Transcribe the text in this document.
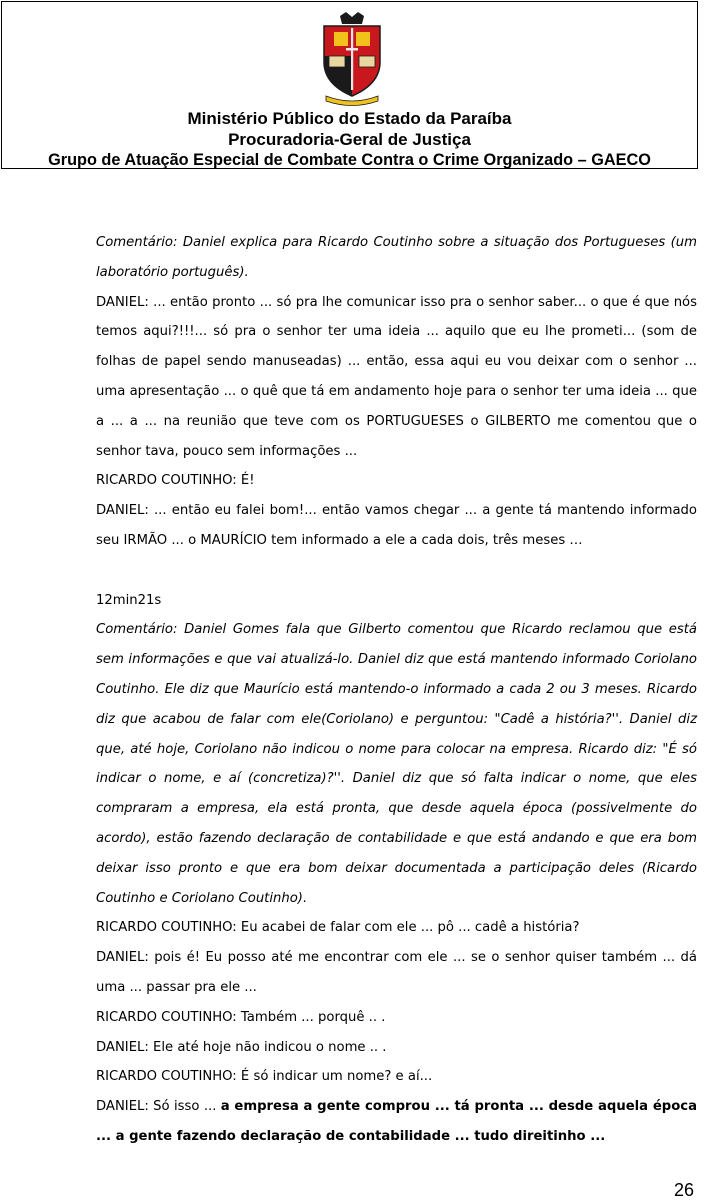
Ministério Público do Estado da Paraíba
Procuradoria-Geral de Justiça
Grupo de Atuação Especial de Combate Contra o Crime Organizado – GAECO

Comentário: Daniel explica para Ricardo Coutinho sobre a situação dos Portugueses (um laboratório português).

DANIEL: ... então pronto ... só pra lhe comunicar isso pra o senhor saber... o que é que nós temos aqui?!!!... só pra o senhor ter uma ideia ... aquilo que eu lhe prometi... (som de folhas de papel sendo manuseadas) ... então, essa aqui eu vou deixar com o senhor ... uma apresentação ... o quê que tá em andamento hoje para o senhor ter uma ideia ... que a ... a ... na reunião que teve com os PORTUGUESES o GILBERTO me comentou que o senhor tava, pouco sem informações ...

RICARDO COUTINHO: É!

DANIEL: ... então eu falei bom!... então vamos chegar ... a gente tá mantendo informado seu IRMÃO ... o MAURÍCIO tem informado a ele a cada dois, três meses …

12min21s

Comentário: Daniel Gomes fala que Gilberto comentou que Ricardo reclamou que está sem informações e que vai atualizá-lo. Daniel diz que está mantendo informado Coriolano Coutinho. Ele diz que Maurício está mantendo-o informado a cada 2 ou 3 meses. Ricardo diz que acabou de falar com ele(Coriolano) e perguntou: "Cadê a história?''. Daniel diz que, até hoje, Coriolano não indicou o nome para colocar na empresa. Ricardo diz: "É só indicar o nome, e aí (concretiza)?''. Daniel diz que só falta indicar o nome, que eles compraram a empresa, ela está pronta, que desde aquela época (possivelmente do acordo), estão fazendo declaração de contabilidade e que está andando e que era bom deixar isso pronto e que era bom deixar documentada a participação deles (Ricardo Coutinho e Coriolano Coutinho).

RICARDO COUTINHO: Eu acabei de falar com ele ... pô ... cadê a história?

DANIEL: pois é! Eu posso até me encontrar com ele ... se o senhor quiser também ... dá uma ... passar pra ele ...

RICARDO COUTINHO: Também ... porquê .. .

DANIEL: Ele até hoje não indicou o nome .. .

RICARDO COUTINHO: É só indicar um nome? e aí...

DANIEL: Só isso ... a empresa a gente comprou ... tá pronta ... desde aquela época ... a gente fazendo declaração de contabilidade ... tudo direitinho ...

26
